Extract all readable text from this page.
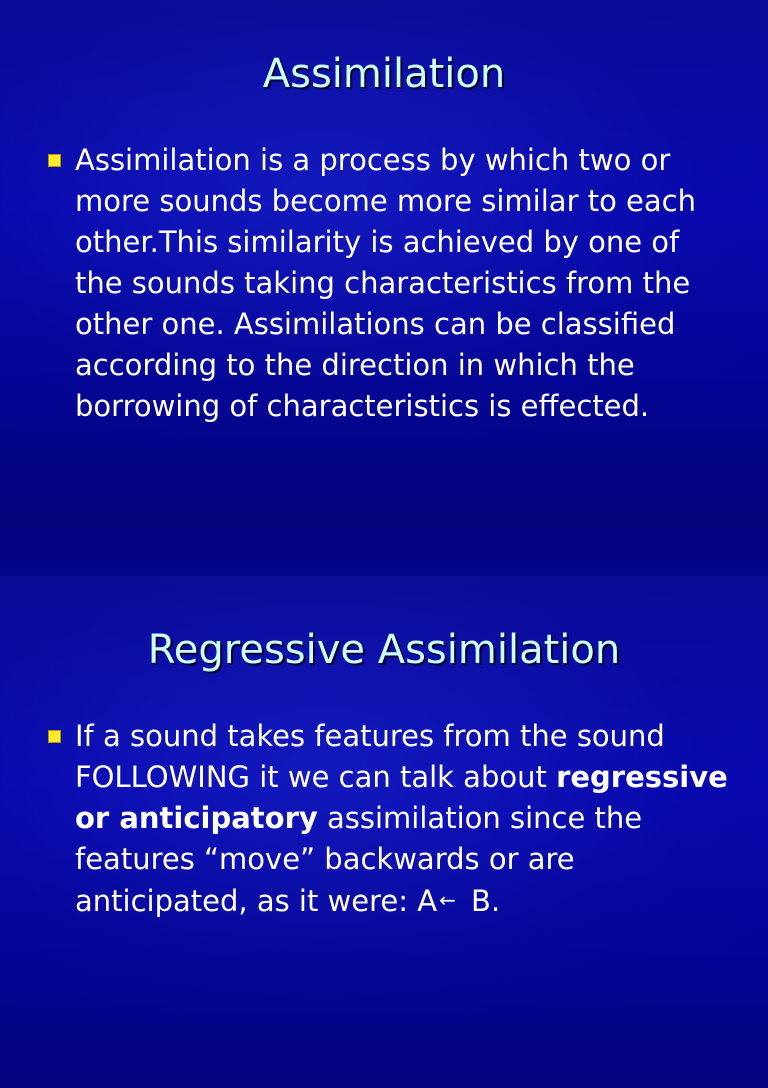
Assimilation
Assimilation is a process by which two or more sounds become more similar to each other.This similarity is achieved by one of the sounds taking characteristics from the other one. Assimilations can be classified according to the direction in which the borrowing of characteristics is effected.
Regressive Assimilation
If a sound takes features from the sound FOLLOWING it we can talk about regressive or anticipatory assimilation since the features “move” backwards or are anticipated, as it were: A ← B.
